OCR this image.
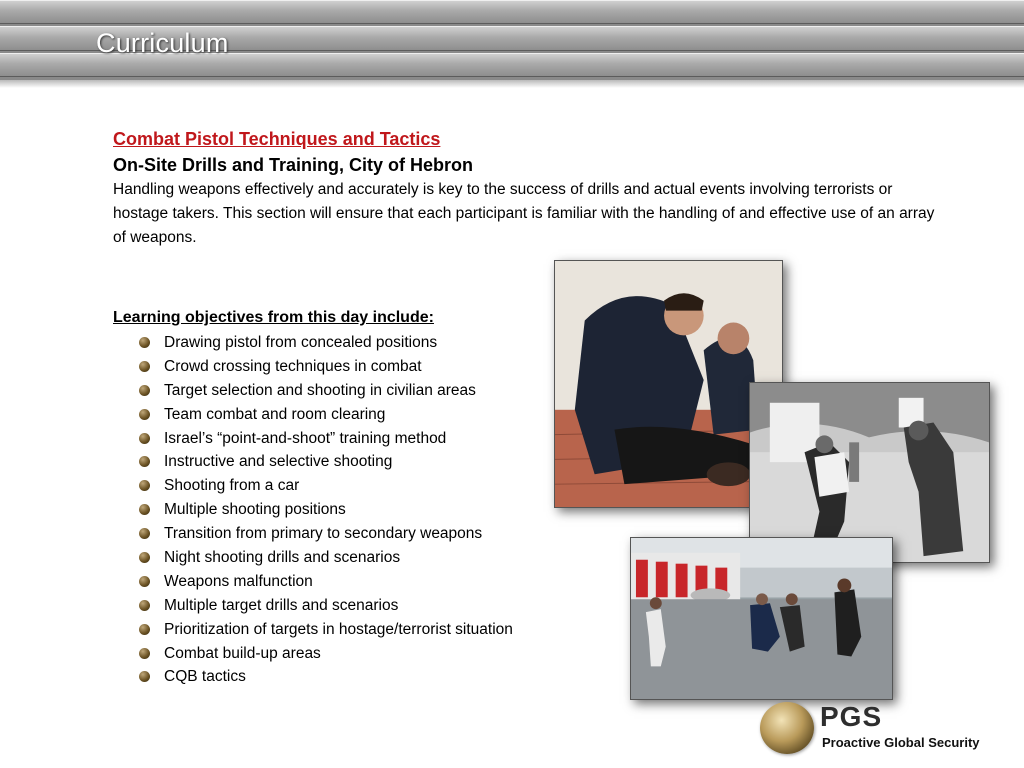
Curriculum
Combat Pistol Techniques and Tactics
On-Site Drills and Training, City of Hebron
Handling weapons effectively and accurately is key to the success of drills and actual events involving terrorists or hostage takers. This section will ensure that each participant is familiar with the handling of and effective use of an array of weapons.
Learning objectives from this day include:
Drawing pistol from concealed positions
Crowd crossing techniques in combat
Target selection and shooting in civilian areas
Team combat and room clearing
Israel’s “point-and-shoot” training method
Instructive and selective shooting
Shooting from a car
Multiple shooting positions
Transition from primary to secondary weapons
Night shooting drills and scenarios
Weapons malfunction
Multiple target drills and scenarios
Prioritization of targets in hostage/terrorist situation
Combat build-up areas
CQB tactics
PGS
Proactive Global Security
